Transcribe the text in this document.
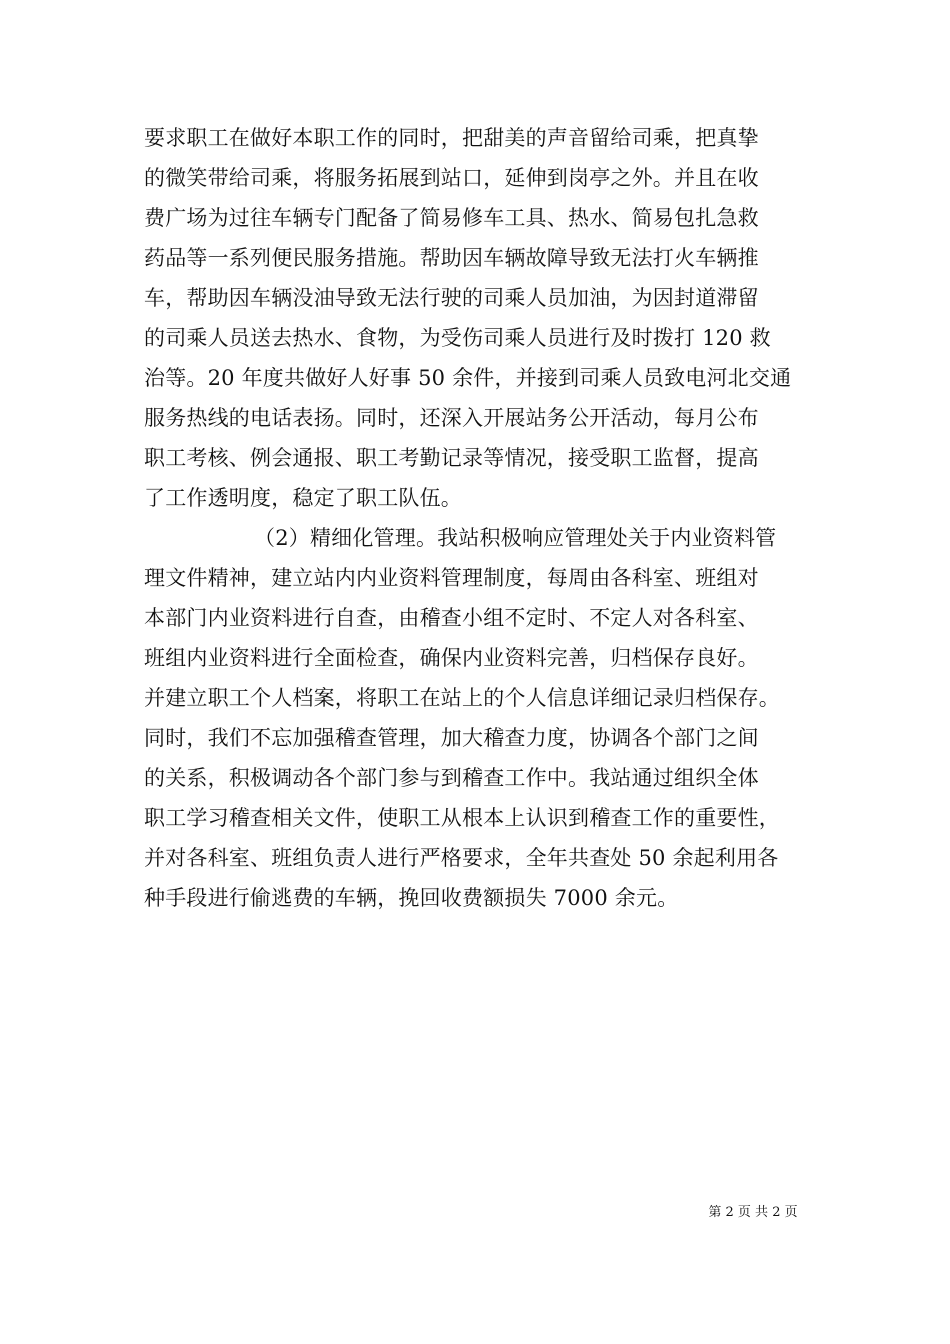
要求职工在做好本职工作的同时，把甜美的声音留给司乘，把真挚
的微笑带给司乘，将服务拓展到站口，延伸到岗亭之外。并且在收
费广场为过往车辆专门配备了简易修车工具、热水、简易包扎急救
药品等一系列便民服务措施。帮助因车辆故障导致无法打火车辆推
车，帮助因车辆没油导致无法行驶的司乘人员加油，为因封道滞留
的司乘人员送去热水、食物，为受伤司乘人员进行及时拨打 120 救
治等。20 年度共做好人好事 50 余件，并接到司乘人员致电河北交通
服务热线的电话表扬。同时，还深入开展站务公开活动，每月公布
职工考核、例会通报、职工考勤记录等情况，接受职工监督，提高
了工作透明度，稳定了职工队伍。
（2）精细化管理。我站积极响应管理处关于内业资料管
理文件精神，建立站内内业资料管理制度，每周由各科室、班组对
本部门内业资料进行自查，由稽查小组不定时、不定人对各科室、
班组内业资料进行全面检查，确保内业资料完善，归档保存良好。
并建立职工个人档案，将职工在站上的个人信息详细记录归档保存。
同时，我们不忘加强稽查管理，加大稽查力度，协调各个部门之间
的关系，积极调动各个部门参与到稽查工作中。我站通过组织全体
职工学习稽查相关文件，使职工从根本上认识到稽查工作的重要性，
并对各科室、班组负责人进行严格要求，全年共查处 50 余起利用各
种手段进行偷逃费的车辆，挽回收费额损失 7000 余元。
第 2 页 共 2 页
